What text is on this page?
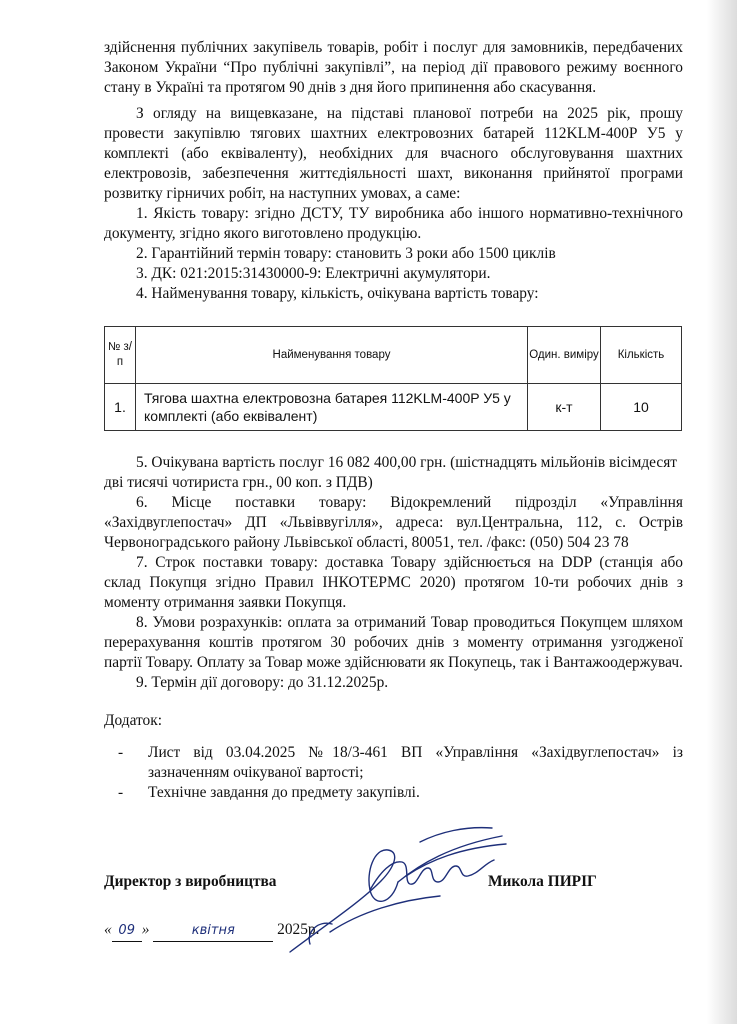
здійснення публічних закупівель товарів, робіт і послуг для замовників, передбачених Законом України “Про публічні закупівлі”, на період дії правового режиму воєнного стану в Україні та протягом 90 днів з дня його припинення або скасування.

З огляду на вищевказане, на підставі планової потреби на 2025 рік, прошу провести закупівлю тягових шахтних електровозних батарей 112KLM-400P У5 у комплекті (або еквіваленту), необхідних для вчасного обслуговування шахтних електровозів, забезпечення життєдіяльності шахт, виконання прийнятої програми розвитку гірничих робіт, на наступних умовах, а саме:

1. Якість товару: згідно ДСТУ, ТУ виробника або іншого нормативно-технічного документу, згідно якого виготовлено продукцію.

2. Гарантійний термін товару: становить 3 роки або 1500 циклів

3. ДК: 021:2015:31430000-9: Електричні акумулятори.

4. Найменування товару, кількість, очікувана вартість товару:

№ з/п	Найменування товару	Один. виміру	Кількість
1.	Тягова шахтна електровозна батарея 112KLM-400P У5 у комплекті (або еквівалент)	к-т	10

5. Очікувана вартість послуг 16 082 400,00 грн. (шістнадцять мільйонів вісімдесят дві тисячі чотириста грн., 00 коп. з ПДВ)

6. Місце поставки товару: Відокремлений підрозділ «Управління «Західвуглепостач» ДП «Львіввугілля», адреса: вул.Центральна, 112, с. Острів Червоноградського району Львівської області, 80051, тел. /факс: (050) 504 23 78

7. Строк поставки товару: доставка Товару здійснюється на DDP (станція або склад Покупця згідно Правил ІНКОТЕРМС 2020) протягом 10-ти робочих днів з моменту отримання заявки Покупця.

8. Умови розрахунків: оплата за отриманий Товар проводиться Покупцем шляхом перерахування коштів протягом 30 робочих днів з моменту отримання узгодженої партії Товару. Оплату за Товар може здійснювати як Покупець, так і Вантажоодержувач.

9. Термін дії договору: до 31.12.2025р.

Додаток:

-	Лист від 03.04.2025 №18/3-461 ВП «Управління «Західвуглепостач» із зазначенням очікуваної вартості;
-	Технічне завдання до предмету закупівлі.
Директор з виробництва	Микола ПИРІГ
« 09 »	квітня	2025р.
